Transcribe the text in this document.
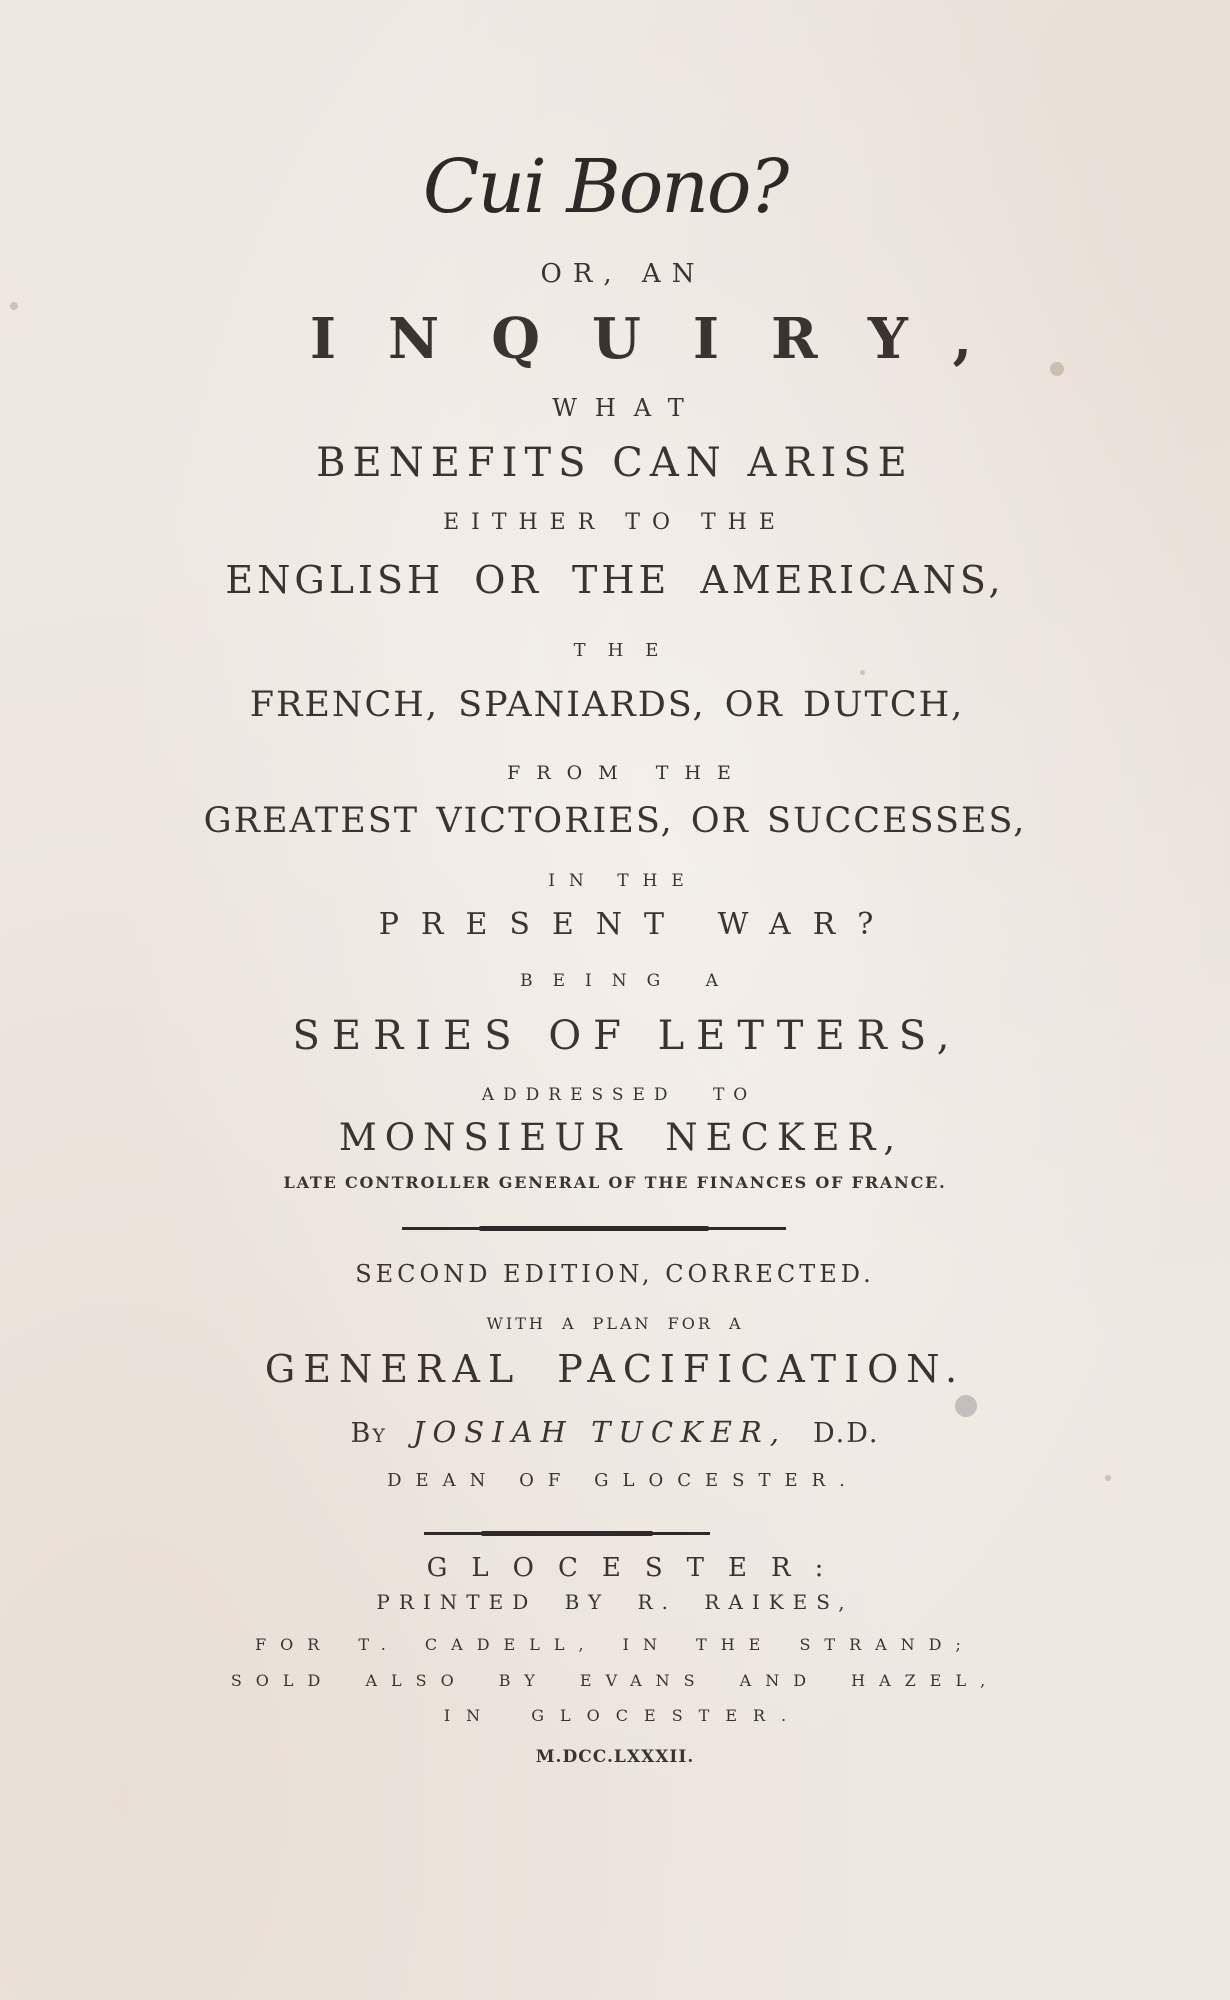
Cui Bono?
OR, AN
INQUIRY,
WHAT
BENEFITS CAN ARISE
EITHER TO THE
ENGLISH OR THE AMERICANS,
THE
FRENCH, SPANIARDS, OR DUTCH,
FROM THE
GREATEST VICTORIES, OR SUCCESSES,
IN THE
PRESENT WAR?
BEING A
SERIES OF LETTERS,
ADDRESSED TO
MONSIEUR NECKER,
LATE CONTROLLER GENERAL OF THE FINANCES OF FRANCE.
SECOND EDITION, CORRECTED.
WITH A PLAN FOR A
GENERAL PACIFICATION.
By JOSIAH TUCKER, D.D.
DEAN OF GLOCESTER.
GLOCESTER:
PRINTED BY R. RAIKES,
FOR T. CADELL, IN THE STRAND;
SOLD ALSO BY EVANS AND HAZEL,
IN GLOCESTER.
M.DCC.LXXXII.
